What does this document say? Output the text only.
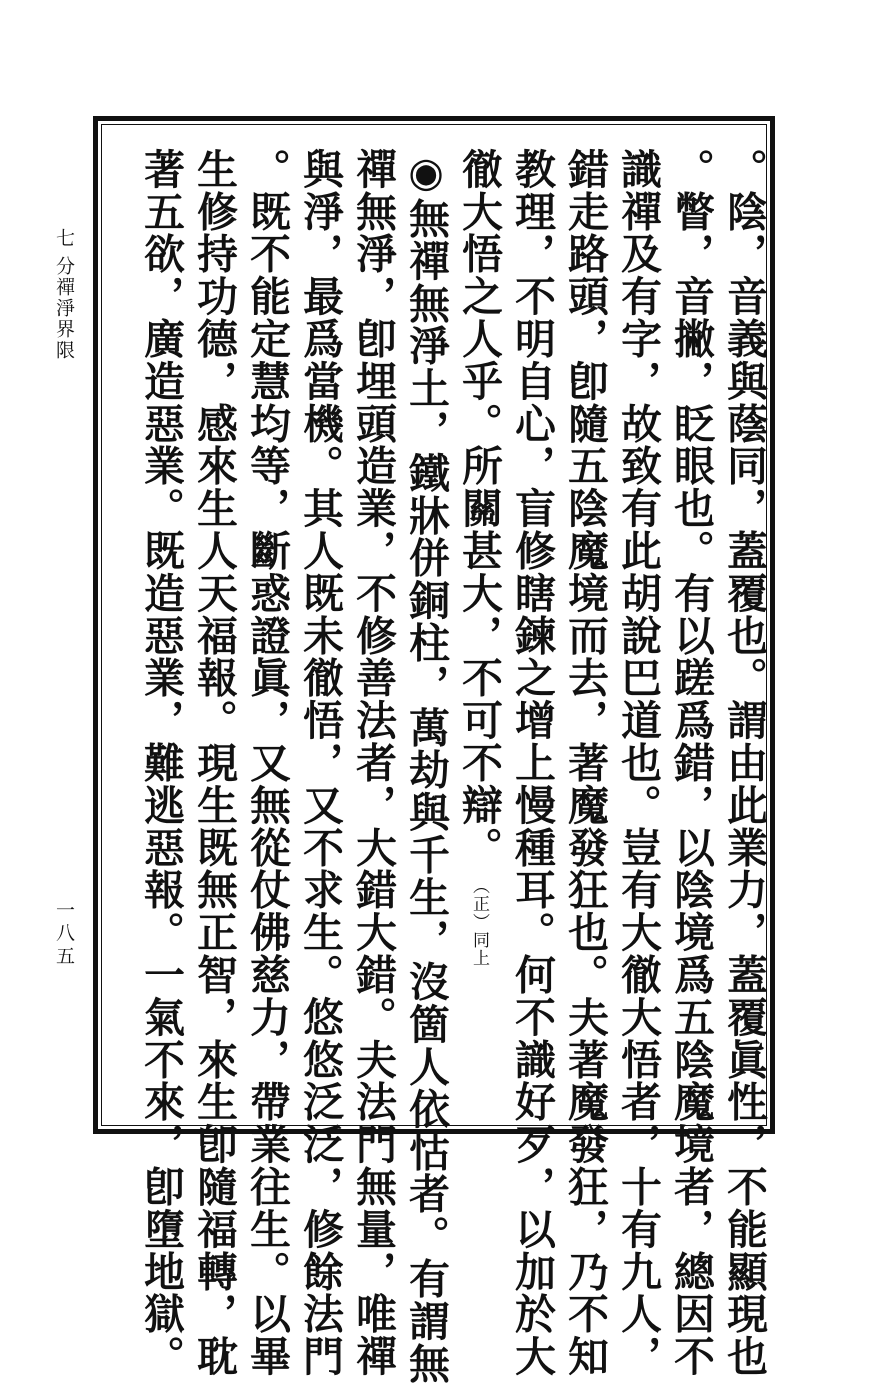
七分禪淨界限
一八五	。陰，音義與蔭同，蓋覆也。謂由此業力，蓋覆眞性，不能顯現也
。瞥，音撇，眨眼也。有以蹉爲錯，以陰境爲五陰魔境者，總因不
識禪及有字，故致有此胡說巴道也。豈有大徹大悟者，十有九人，
錯走路頭，卽隨五陰魔境而去，著魔發狂也。夫著魔發狂，乃不知
教理，不明自心，盲修瞎鍊之增上慢種耳。何不識好歹，以加於大
徹大悟之人乎。所關甚大，不可不辯。（正）同上
◉無禪無淨土，鐵牀併銅柱，萬劫與千生，沒箇人依怙者。有謂無
禪無淨，卽埋頭造業，不修善法者，大錯大錯。夫法門無量，唯禪
與淨，最爲當機。其人既未徹悟，又不求生。悠悠泛泛，修餘法門
。既不能定慧均等，斷惑證眞，又無從仗佛慈力，帶業往生。以畢
生修持功德，感來生人天福報。現生既無正智，來生卽隨福轉，耽
著五欲，廣造惡業。既造惡業，難逃惡報。一氣不來，卽墮地獄。
